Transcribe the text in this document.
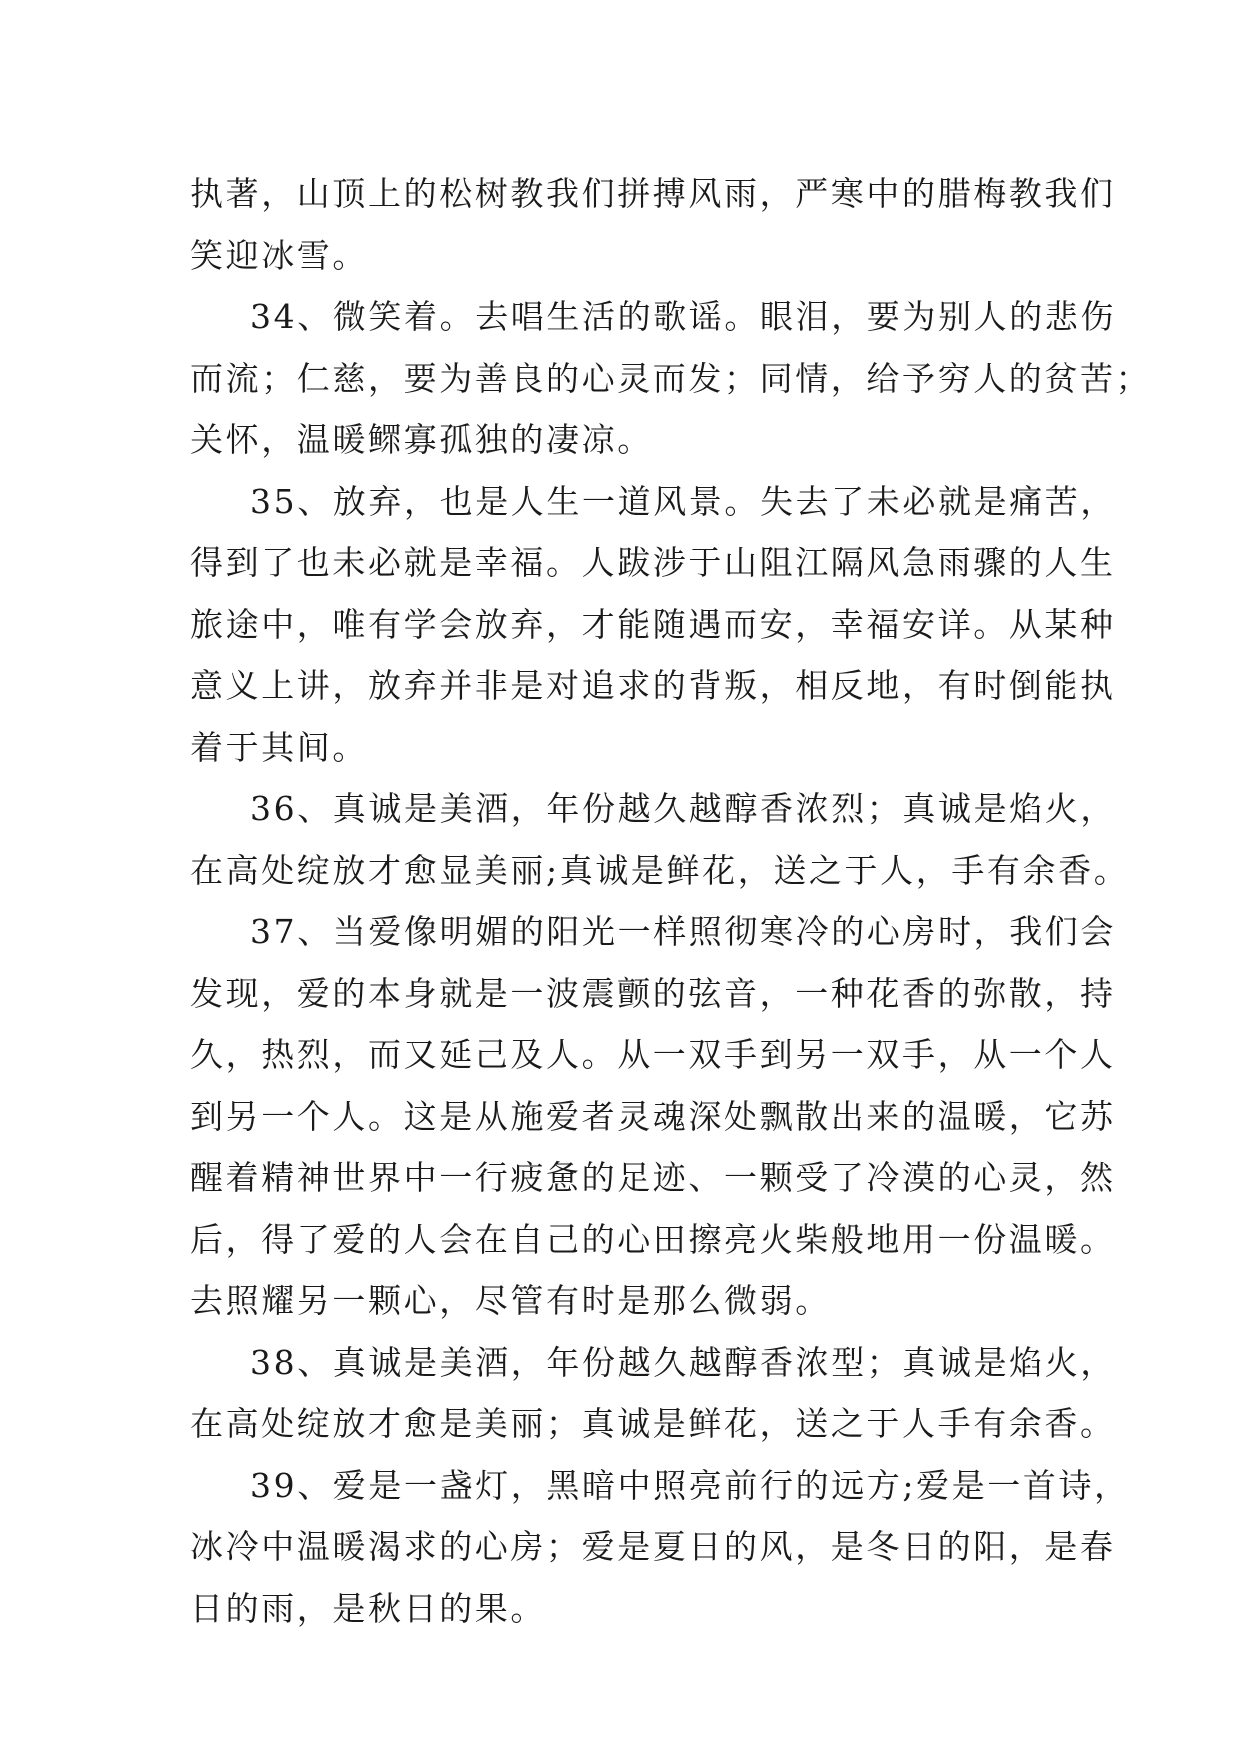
执著，山顶上的松树教我们拼搏风雨，严寒中的腊梅教我们
笑迎冰雪。
34、微笑着。去唱生活的歌谣。眼泪，要为别人的悲伤
而流；仁慈，要为善良的心灵而发；同情，给予穷人的贫苦；
关怀，温暖鳏寡孤独的凄凉。
35、放弃，也是人生一道风景。失去了未必就是痛苦，
得到了也未必就是幸福。人跋涉于山阻江隔风急雨骤的人生
旅途中，唯有学会放弃，才能随遇而安，幸福安详。从某种
意义上讲，放弃并非是对追求的背叛，相反地，有时倒能执
着于其间。
36、真诚是美酒，年份越久越醇香浓烈；真诚是焰火，
在高处绽放才愈显美丽;真诚是鲜花，送之于人，手有余香。
37、当爱像明媚的阳光一样照彻寒冷的心房时，我们会
发现，爱的本身就是一波震颤的弦音，一种花香的弥散，持
久，热烈，而又延己及人。从一双手到另一双手，从一个人
到另一个人。这是从施爱者灵魂深处飘散出来的温暖，它苏
醒着精神世界中一行疲惫的足迹、一颗受了冷漠的心灵，然
后，得了爱的人会在自己的心田擦亮火柴般地用一份温暖。
去照耀另一颗心，尽管有时是那么微弱。
38、真诚是美酒，年份越久越醇香浓型；真诚是焰火，
在高处绽放才愈是美丽；真诚是鲜花，送之于人手有余香。
39、爱是一盏灯，黑暗中照亮前行的远方;爱是一首诗，
冰冷中温暖渴求的心房；爱是夏日的风，是冬日的阳，是春
日的雨，是秋日的果。
